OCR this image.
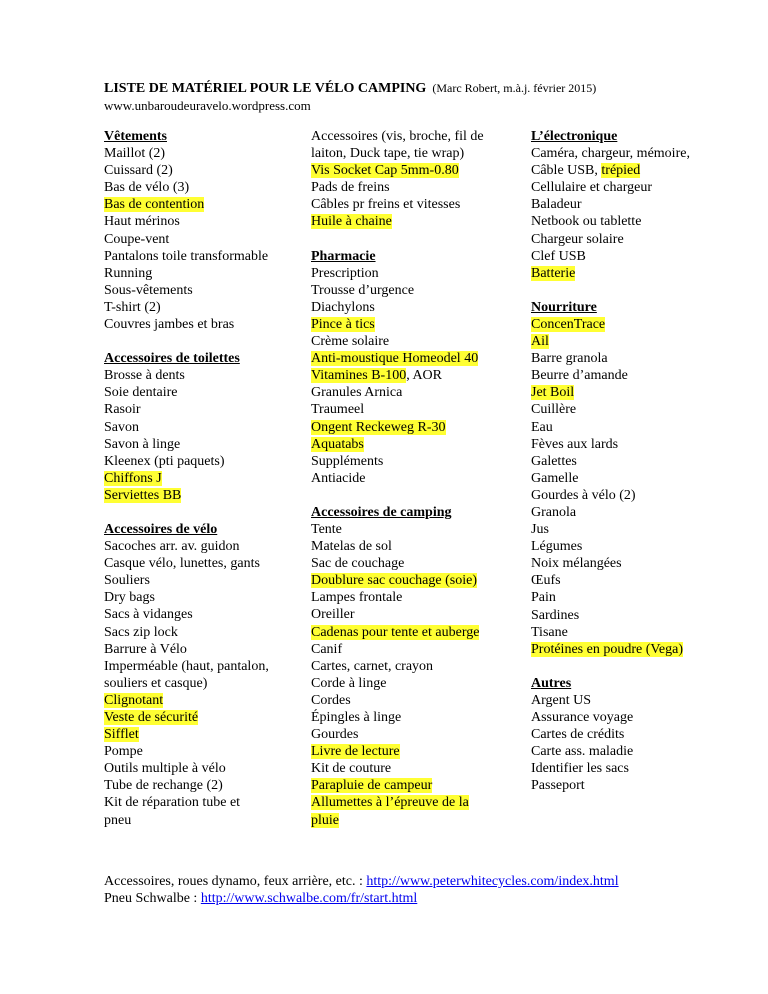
LISTE DE MATÉRIEL POUR LE VÉLO CAMPING (Marc Robert, m.à.j. février 2015)
www.unbaroudeuravelo.wordpress.com
Vêtements
Maillot (2)
Cuissard (2)
Bas de vélo (3)
Bas de contention
Haut mérinos
Coupe-vent
Pantalons toile transformable
Running
Sous-vêtements
T-shirt (2)
Couvres jambes et bras
Accessoires de toilettes
Brosse à dents
Soie dentaire
Rasoir
Savon
Savon à linge
Kleenex (pti paquets)
Chiffons J
Serviettes BB
Accessoires de vélo
Sacoches arr. av. guidon
Casque vélo, lunettes, gants
Souliers
Dry bags
Sacs à vidanges
Sacs zip lock
Barrure à Vélo
Imperméable (haut, pantalon,
souliers et casque)
Clignotant
Veste de sécurité
Sifflet
Pompe
Outils multiple à vélo
Tube de rechange (2)
Kit de réparation tube et
pneu
Accessoires (vis, broche, fil de
laiton, Duck tape, tie wrap)
Vis Socket Cap 5mm-0.80
Pads de freins
Câbles pr freins et vitesses
Huile à chaine
Pharmacie
Prescription
Trousse d’urgence
Diachylons
Pince à tics
Crème solaire
Anti-moustique Homeodel 40
Vitamines B-100, AOR
Granules Arnica
Traumeel
Ongent Reckeweg R-30
Aquatabs
Suppléments
Antiacide
Accessoires de camping
Tente
Matelas de sol
Sac de couchage
Doublure sac couchage (soie)
Lampes frontale
Oreiller
Cadenas pour tente et auberge
Canif
Cartes, carnet, crayon
Corde à linge
Cordes
Épingles à linge
Gourdes
Livre de lecture
Kit de couture
Parapluie de campeur
Allumettes à l’épreuve de la
pluie
L’électronique
Caméra, chargeur, mémoire,
Câble USB, trépied
Cellulaire et chargeur
Baladeur
Netbook ou tablette
Chargeur solaire
Clef USB
Batterie
Nourriture
ConcenTrace
Ail
Barre granola
Beurre d’amande
Jet Boil
Cuillère
Eau
Fèves aux lards
Galettes
Gamelle
Gourdes à vélo (2)
Granola
Jus
Légumes
Noix mélangées
Œufs
Pain
Sardines
Tisane
Protéines en poudre (Vega)
Autres
Argent US
Assurance voyage
Cartes de crédits
Carte ass. maladie
Identifier les sacs
Passeport
Accessoires, roues dynamo, feux arrière, etc. : http://www.peterwhitecycles.com/index.html
Pneu Schwalbe : http://www.schwalbe.com/fr/start.html
